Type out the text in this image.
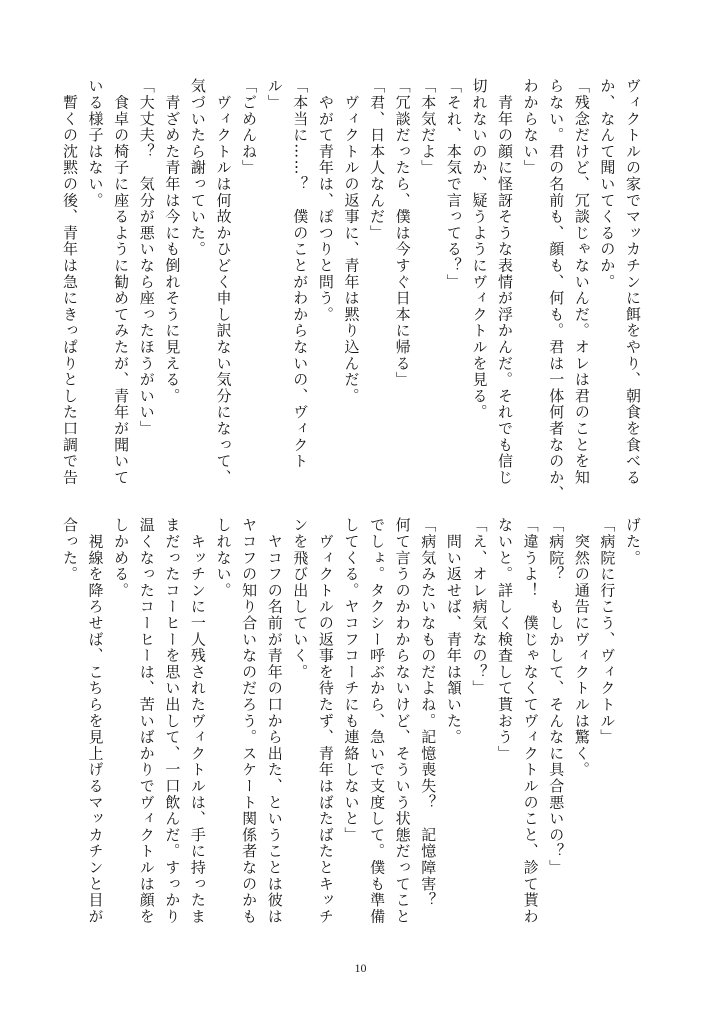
ヴィクトルの家でマッカチンに餌をやり、朝食を食べる
か、なんて聞いてくるのか。
「残念だけど、冗談じゃないんだ。オレは君のことを知
らない。君の名前も、顔も、何も。君は一体何者なのか、
わからない」
　青年の顔に怪訝そうな表情が浮かんだ。それでも信じ
切れないのか、疑うようにヴィクトルを見る。
「それ、本気で言ってる？」
「本気だよ」
「冗談だったら、僕は今すぐ日本に帰る」
「君、日本人なんだ」
　ヴィクトルの返事に、青年は黙り込んだ。
　やがて青年は、ぽつりと問う。
「本当に……？　僕のことがわからないの、ヴィクト
ル」
「ごめんね」
　ヴィクトルは何故かひどく申し訳ない気分になって、
気づいたら謝っていた。
　青ざめた青年は今にも倒れそうに見える。
「大丈夫？　気分が悪いなら座ったほうがいい」
　食卓の椅子に座るように勧めてみたが、青年が聞いて
いる様子はない。
　暫くの沈黙の後、青年は急にきっぱりとした口調で告
げた。
「病院に行こう、ヴィクトル」
　突然の通告にヴィクトルは驚く。
「病院？　もしかして、そんなに具合悪いの？」
「違うよ！　僕じゃなくてヴィクトルのこと、診て貰わ
ないと。詳しく検査して貰おう」
「え、オレ病気なの？」
　問い返せば、青年は頷いた。
「病気みたいなものだよね。記憶喪失？　記憶障害？
何て言うのかわからないけど、そういう状態だってこと
でしょ。タクシー呼ぶから、急いで支度して。僕も準備
してくる。ヤコフコーチにも連絡しないと」
　ヴィクトルの返事を待たず、青年はばたばたとキッチ
ンを飛び出していく。
　ヤコフの名前が青年の口から出た、ということは彼は
ヤコフの知り合いなのだろう。スケート関係者なのかも
しれない。
　キッチンに一人残されたヴィクトルは、手に持ったま
まだったコーヒーを思い出して、一口飲んだ。すっかり
温くなったコーヒーは、苦いばかりでヴィクトルは顔を
しかめる。
　視線を降ろせば、こちらを見上げるマッカチンと目が
合った。
10
